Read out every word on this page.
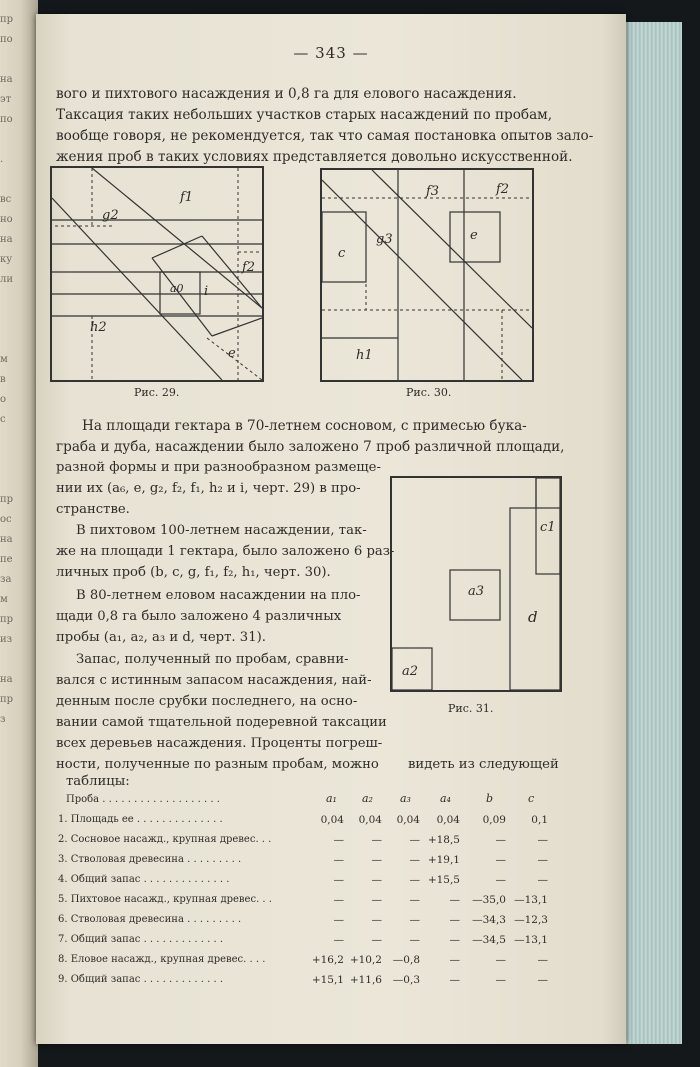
пр
по

на
эт
по

.

вс
но
на
ку
ли

м
в
о
с

пр
ос
на
пе
за
м
пр
из

на
пр
з
— 343 —
вого и пихтового насаждения и 0,8 га для елового насаждения.
Таксация таких небольших участков старых насаждений по пробам,
вообще говоря, не рекомендуется, так что самая постановка опытов зало-
жения проб в таких условиях представляется довольно искусственной.
g2
f1
f2
a0 i
h2
e
Рис. 29.
g3
f3	f2
e
c
h1
Рис. 30.
На площади гектара в 70-летнем сосновом, с примесью бука-
граба и дуба, насаждении было заложено 7 проб различной площади,
разной формы и при разнообразном размеще-
нии их (a₆, e, g₂, f₂, f₁, h₂ и i, черт. 29) в про-
странстве.
В пихтовом 100-летнем насаждении, так-
же на площади 1 гектара, было заложено 6 раз-
личных проб (b, c, g, f₁, f₂, h₁, черт. 30).
В 80-летнем еловом насаждении на пло-
щади 0,8 га было заложено 4 различных
пробы (a₁, a₂, a₃ и d, черт. 31).
Запас, полученный по пробам, сравни-
вался с истинным запасом насаждения, най-
денным после срубки последнего, на осно-
вании самой тщательной подеревной таксации
всех деревьев насаждения. Проценты погреш-
ности, полученные по разным пробам, можно видеть из следующей
таблицы:
c1
a3
d
a2
Рис. 31.
Проба . . . . . . . . . . . . . . . . . . .	a₁ a₂ a₃	a₄	b	c
1. Площадь ее . . . . . . . . . . . . . .	0,04	0,04	0,04	0,04	0,09	0,1
2. Сосновое насажд., крупная древес. . .	—	—	— +18,5	—	—
3. Стволовая древесина . . . . . . . . .	—	—	— +19,1	—	—
4. Общий запас . . . . . . . . . . . . . .	—	—	— +15,5	—	—
5. Пихтовое насажд., крупная древес. . .	—	—	—	—	—35,0 —13,1
6. Стволовая древесина . . . . . . . . .	—	—	—	—	—34,3 —12,3
7. Общий запас . . . . . . . . . . . . .	—	—	—	—	—34,5 —13,1
8. Еловое насажд., крупная древес. . . .	+16,2 +10,2	—0,8	—	—	—
9. Общий запас . . . . . . . . . . . . .	+15,1 +11,6	—0,3	—	—	—
